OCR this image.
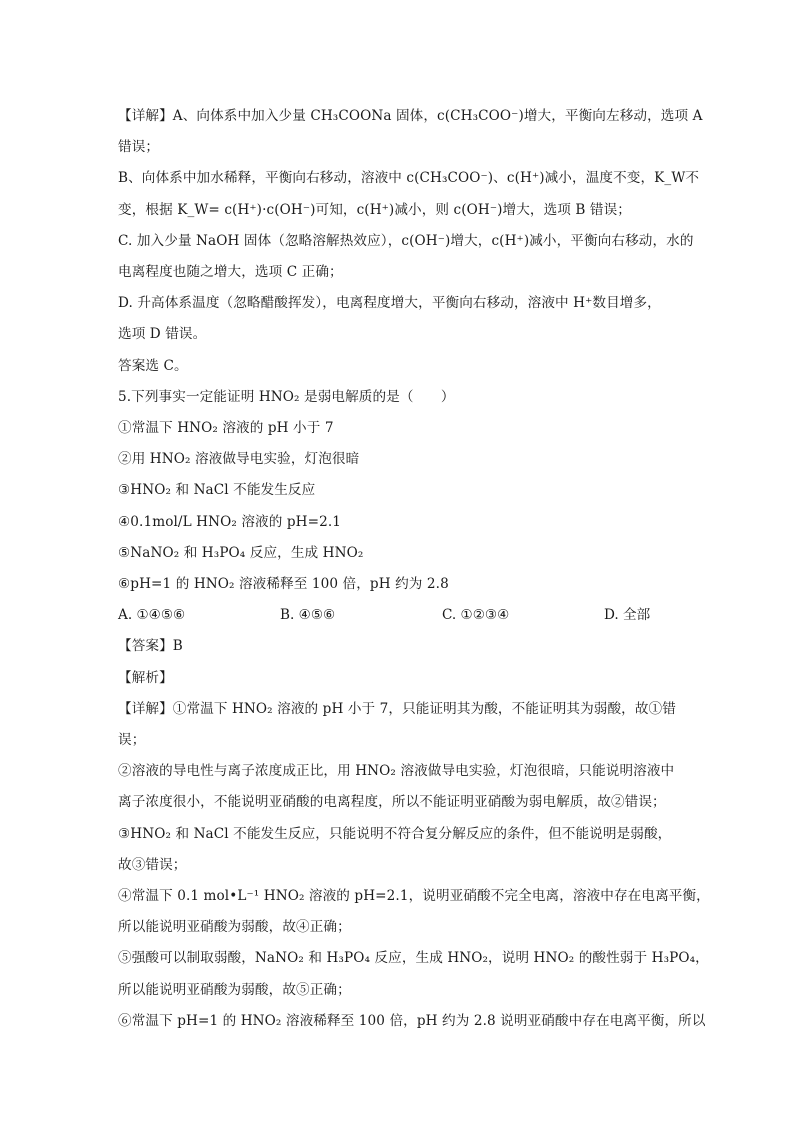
【详解】A、向体系中加入少量 CH₃COONa 固体，c(CH₃COO⁻)增大，平衡向左移动，选项 A
错误；
B、向体系中加水稀释，平衡向右移动，溶液中 c(CH₃COO⁻)、c(H⁺)减小，温度不变，K_W不
变，根据 K_W= c(H⁺)·c(OH⁻)可知，c(H⁺)减小，则 c(OH⁻)增大，选项 B 错误；
C. 加入少量 NaOH 固体（忽略溶解热效应），c(OH⁻)增大，c(H⁺)减小，平衡向右移动，水的
电离程度也随之增大，选项 C 正确；
D. 升高体系温度（忽略醋酸挥发），电离程度增大，平衡向右移动，溶液中 H⁺数目增多，
选项 D 错误。
答案选 C。
5.下列事实一定能证明 HNO₂ 是弱电解质的是（　　）
①常温下 HNO₂ 溶液的 pH 小于 7
②用 HNO₂ 溶液做导电实验，灯泡很暗
③HNO₂ 和 NaCl 不能发生反应
④0.1mol/L HNO₂ 溶液的 pH=2.1
⑤NaNO₂ 和 H₃PO₄ 反应，生成 HNO₂
⑥pH=1 的 HNO₂ 溶液稀释至 100 倍，pH 约为 2.8
A. ①④⑤⑥	B. ④⑤⑥	C. ①②③④	D. 全部
【答案】B
【解析】
【详解】①常温下 HNO₂ 溶液的 pH 小于 7，只能证明其为酸，不能证明其为弱酸，故①错
误；
②溶液的导电性与离子浓度成正比，用 HNO₂ 溶液做导电实验，灯泡很暗，只能说明溶液中
离子浓度很小，不能说明亚硝酸的电离程度，所以不能证明亚硝酸为弱电解质，故②错误；
③HNO₂ 和 NaCl 不能发生反应，只能说明不符合复分解反应的条件，但不能说明是弱酸，
故③错误；
④常温下 0.1 mol•L⁻¹ HNO₂ 溶液的 pH=2.1，说明亚硝酸不完全电离，溶液中存在电离平衡，
所以能说明亚硝酸为弱酸，故④正确；
⑤强酸可以制取弱酸，NaNO₂ 和 H₃PO₄ 反应，生成 HNO₂，说明 HNO₂ 的酸性弱于 H₃PO₄，
所以能说明亚硝酸为弱酸，故⑤正确；
⑥常温下 pH=1 的 HNO₂ 溶液稀释至 100 倍，pH 约为 2.8 说明亚硝酸中存在电离平衡，所以
